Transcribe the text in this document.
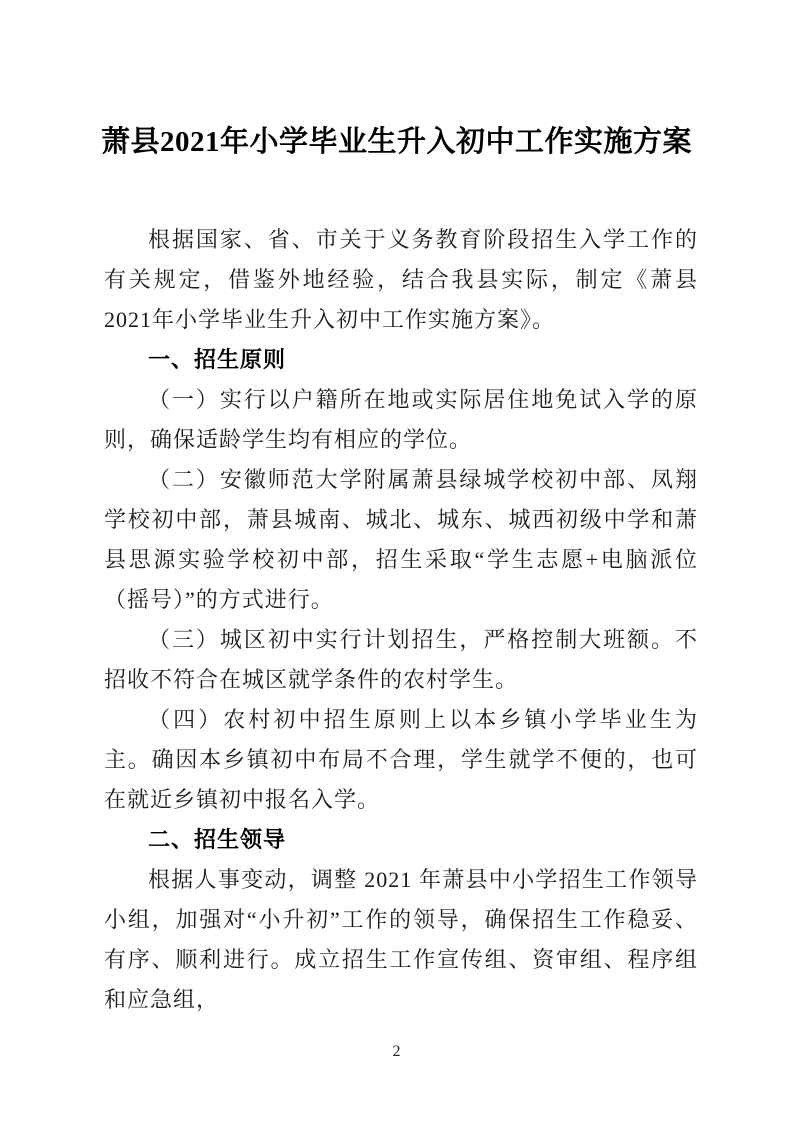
萧县2021年小学毕业生升入初中工作实施方案

根据国家、省、市关于义务教育阶段招生入学工作的有关规定，借鉴外地经验，结合我县实际，制定《萧县2021年小学毕业生升入初中工作实施方案》。

一、招生原则

（一）实行以户籍所在地或实际居住地免试入学的原则，确保适龄学生均有相应的学位。

（二）安徽师范大学附属萧县绿城学校初中部、凤翔学校初中部，萧县城南、城北、城东、城西初级中学和萧县思源实验学校初中部，招生采取“学生志愿+电脑派位（摇号）”的方式进行。

（三）城区初中实行计划招生，严格控制大班额。不招收不符合在城区就学条件的农村学生。

（四）农村初中招生原则上以本乡镇小学毕业生为主。确因本乡镇初中布局不合理，学生就学不便的，也可在就近乡镇初中报名入学。

二、招生领导

根据人事变动，调整 2021 年萧县中小学招生工作领导小组，加强对“小升初”工作的领导，确保招生工作稳妥、有序、顺利进行。成立招生工作宣传组、资审组、程序组和应急组，

2
